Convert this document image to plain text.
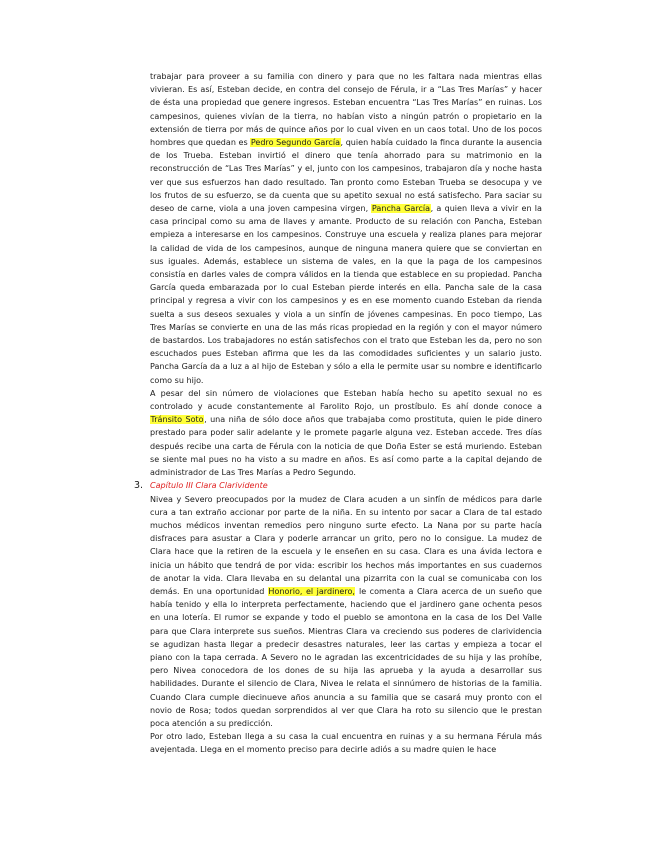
trabajar para proveer a su familia con dinero y para que no les faltara nada mientras ellas vivieran. Es así, Esteban decide, en contra del consejo de Férula, ir a “Las Tres Marías” y hacer de ésta una propiedad que genere ingresos. Esteban encuentra “Las Tres Marías” en ruinas. Los campesinos, quienes vivían de la tierra, no habían visto a ningún patrón o propietario en la extensión de tierra por más de quince años por lo cual viven en un caos total. Uno de los pocos hombres que quedan es Pedro Segundo García, quien había cuidado la finca durante la ausencia de los Trueba. Esteban invirtió el dinero que tenía ahorrado para su matrimonio en la reconstrucción de “Las Tres Marías” y el, junto con los campesinos, trabajaron día y noche hasta ver que sus esfuerzos han dado resultado. Tan pronto como Esteban Trueba se desocupa y ve los frutos de su esfuerzo, se da cuenta que su apetito sexual no está satisfecho. Para saciar su deseo de carne, viola a una joven campesina virgen, Pancha García, a quien lleva a vivir en la casa principal como su ama de llaves y amante. Producto de su relación con Pancha, Esteban empieza a interesarse en los campesinos. Construye una escuela y realiza planes para mejorar la calidad de vida de los campesinos, aunque de ninguna manera quiere que se conviertan en sus iguales. Además, establece un sistema de vales, en la que la paga de los campesinos consistía en darles vales de compra válidos en la tienda que establece en su propiedad. Pancha García queda embarazada por lo cual Esteban pierde interés en ella. Pancha sale de la casa principal y regresa a vivir con los campesinos y es en ese momento cuando Esteban da rienda suelta a sus deseos sexuales y viola a un sinfín de jóvenes campesinas. En poco tiempo, Las Tres Marías se convierte en una de las más ricas propiedad en la región y con el mayor número de bastardos. Los trabajadores no están satisfechos con el trato que Esteban les da, pero no son escuchados pues Esteban afirma que les da las comodidades suficientes y un salario justo. Pancha García da a luz a al hijo de Esteban y sólo a ella le permite usar su nombre e identificarlo como su hijo.

A pesar del sin número de violaciones que Esteban había hecho su apetito sexual no es controlado y acude constantemente al Farolito Rojo, un prostíbulo. Es ahí donde conoce a Tránsito Soto, una niña de sólo doce años que trabajaba como prostituta, quien le pide dinero prestado para poder salir adelante y le promete pagarle alguna vez. Esteban accede. Tres días después recibe una carta de Férula con la noticia de que Doña Ester se está muriendo. Esteban se siente mal pues no ha visto a su madre en años. Es así como parte a la capital dejando de administrador de Las Tres Marías a Pedro Segundo.

3. Capítulo III Clara Clarividente

Nivea y Severo preocupados por la mudez de Clara acuden a un sinfín de médicos para darle cura a tan extraño accionar por parte de la niña. En su intento por sacar a Clara de tal estado muchos médicos inventan remedios pero ninguno surte efecto. La Nana por su parte hacía disfraces para asustar a Clara y poderle arrancar un grito, pero no lo consigue. La mudez de Clara hace que la retiren de la escuela y le enseñen en su casa. Clara es una ávida lectora e inicia un hábito que tendrá de por vida: escribir los hechos más importantes en sus cuadernos de anotar la vida. Clara llevaba en su delantal una pizarrita con la cual se comunicaba con los demás. En una oportunidad Honorio, el jardinero, le comenta a Clara acerca de un sueño que había tenido y ella lo interpreta perfectamente, haciendo que el jardinero gane ochenta pesos en una lotería. El rumor se expande y todo el pueblo se amontona en la casa de los Del Valle para que Clara interprete sus sueños. Mientras Clara va creciendo sus poderes de clarividencia se agudizan hasta llegar a predecir desastres naturales, leer las cartas y empieza a tocar el piano con la tapa cerrada. A Severo no le agradan las excentricidades de su hija y las prohíbe, pero Nivea conocedora de los dones de su hija las aprueba y la ayuda a desarrollar sus habilidades. Durante el silencio de Clara, Nivea le relata el sinnúmero de historias de la familia. Cuando Clara cumple diecinueve años anuncia a su familia que se casará muy pronto con el novio de Rosa; todos quedan sorprendidos al ver que Clara ha roto su silencio que le prestan poca atención a su predicción.

Por otro lado, Esteban llega a su casa la cual encuentra en ruinas y a su hermana Férula más avejentada. Llega en el momento preciso para decirle adiós a su madre quien le hace
